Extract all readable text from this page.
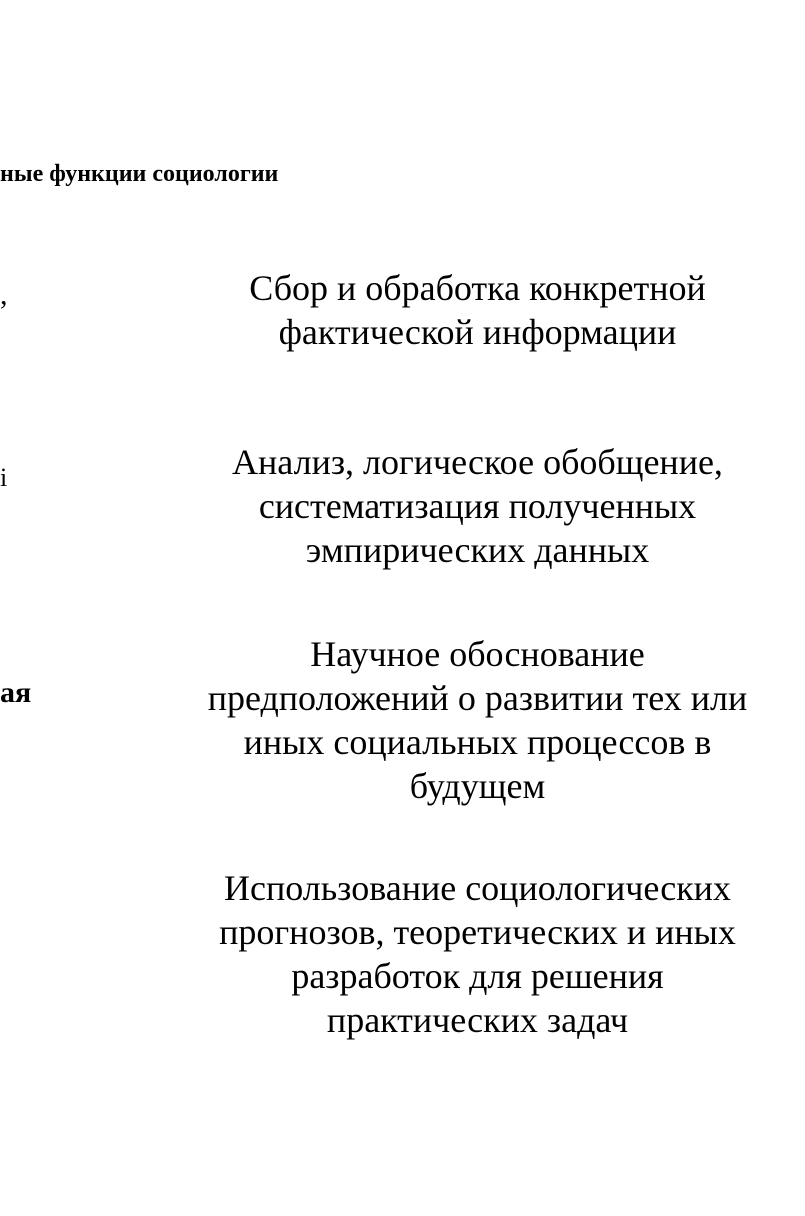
ные функции социологии
,
i
ая
Сбор и обработка конкретной фактической информации
Анализ, логическое обобщение, систематизация полученных эмпирических данных
Научное обоснование предположений о развитии тех или иных социальных процессов в будущем
Использование социологических прогнозов, теоретических и иных разработок для решения практических задач
